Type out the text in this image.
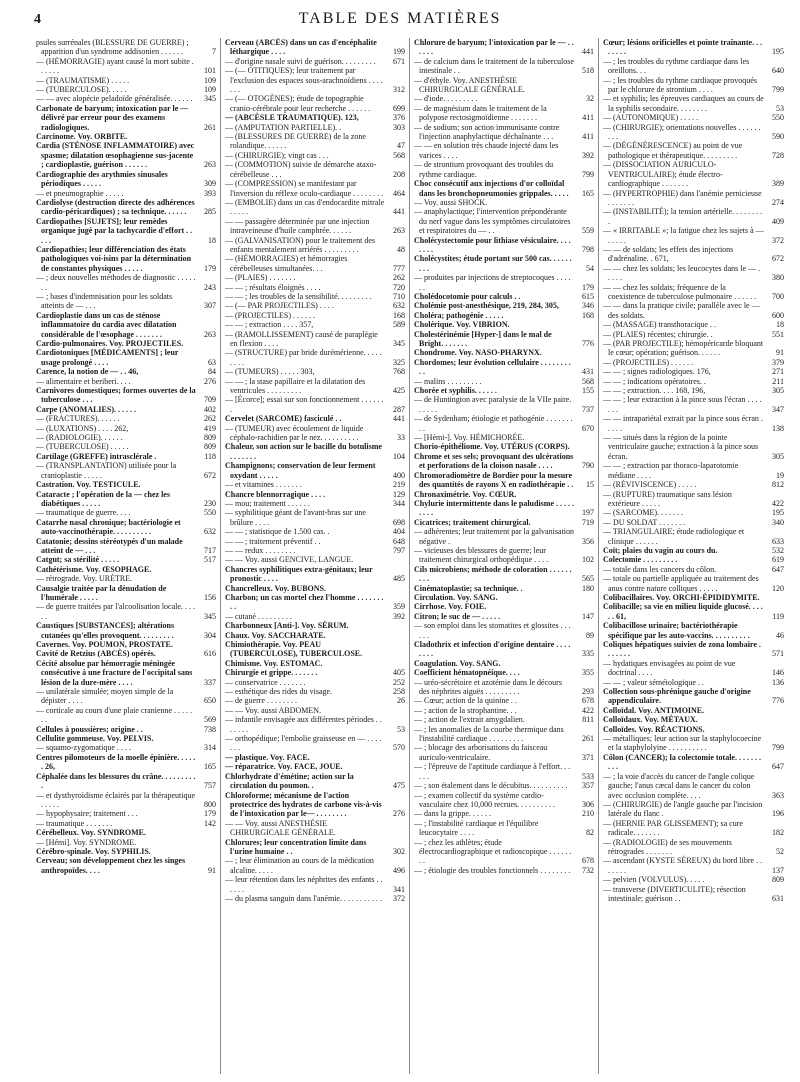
4	TABLE DES MATIÈRES
psules surrénales (BLESSURE DE GUERRE) ; apparition d'un syndrome addisonien . . . . . .	7
— (HÉMORRAGIE) ayant causé la mort subite . . . . . .	101
— (TRAUMATISME) . . . . .	109
— (TUBERCULOSE). . . . .	109
— — avec alopécie peladoïde généralisée. . . . . . 345
Carbonate de baryum; intoxication par le — délivré par erreur pour des examens radiologiques.	261
Carcinome. Voy. ORBITE.
Cardia (STÉNOSE INFLAMMATOIRE) avec spasme; dilatation œsophagienne sus-jacente ; cardioplastie, guérison . . . . . .	263
Cardiographie des arythmies sinusales périodiques . . . . .	309
— et pneumographie . . . . .	393
Cardiolyse (destruction directe des adhérences cardio-péricardiques) ; sa technique. . . . . . 285
Cardiopathes [SUJETS]; leur remèdes organique jugé par la tachycardie d'effort . . . . .	18
Cardiopathies; leur différenciation des états pathologiques voi-isins par la détermination de constantes physiques . . . . .	179
— ; deux nouvelles méthodes de diagnostic . . . . . . .	243
— ; bases d'indemnisation pour les soldats atteints de — . . .	307
Cardioplastie dans un cas de sténose inflammatoire du cardia avec dilatation considérable de l'œsophage . . . . . . .	263
Cardio-pulmonaires. Voy. PROJECTILES.
Cardiotoniques [MÉDICAMENTS] ; leur usage prolongé . . . .	63
Carence, la notion de — . . 46,	84
— alimentaire et beriberi. . . .	276
Carnivores domestiques; formes ouvertes de la tuberculose . . .	709
Carpe (ANOMALIES). . . . . .	402
— (FRACTURES). . . . . .	262
— (LUXATIONS) . . . . 262,	419
— (RADIOLOGIE). . . . . .	809
— (TUBERCULOSE) . . . . .	809
Cartilage (GREFFE) intrasclérale .	118
— (TRANSPLANTATION) utilisée pour la cranioplastie . . . . .	672
Castration. Voy. TESTICULE.
Cataracte ; l'opération de la — chez les diabétiques . . . . .	230
— traumatique de guerre. . . .	550
Catarrhe nasal chronique; bactériologie et auto-vaccinothérapie. . . . . . . . . .	632
Catatonie; dessins stéréotypés d'un malade atteint de — . . .	717
Catgut; sa stérilité . . . . .	517
Cathétérisme. Voy. ŒSOPHAGE.
— rétrograde. Voy. URÈTRE.
Causalgie traitée par la dénudation de l'humérale . . . . .	156
— de guerre traitées par l'alcoolisation locale. . . . . .	345
Caustiques [SUBSTANCES]; altérations cutanées qu'elles provoquent. . . . . . . . .	304
Cavernes. Voy. POUMON, PROSTATE.
Cavité de Retzius (ABCÈS) opérés.	616
Cécité absolue par hémorragie méningée consécutive à une fracture de l'occipital sans lésion de la dure-mère . . . .	337
— unilatérale simulée; moyen simple de la dépister . . . .	650
— corticale au cours d'une plaie cranienne . . . . . . .	569
Cellules à poussières; origine . .	738
Cellulite gommeuse. Voy. PELVIS.
— squamo-zygomatique . . . .	314
Centres pilomoteurs de la moelle épinière. . . . . . 26,	165
Céphalée dans les blessures du crâne. . . . . . . . . .	757
— et dysthyroïdisme éclairés par la thérapeutique . . . . .	800
— hypophysaire; traitement . . .	179
— traumatique . . . . . . .	142
Cérébelleux. Voy. SYNDROME.
— [Hémi]. Voy. SYNDROME.
Cérébro-spinale. Voy. SYPHILIS.
Cerveau; son développement chez les singes anthropoïdes. . . .	91
Cerveau (ABCÈS) dans un cas d'encéphalite léthargique . . . .	199
— d'origine nasale suivi de guérison. . . . . . . . . 671
— (— OTITIQUES); leur traitement par l'exclusion des espaces sous-arachnoïdiens . . . . . . .	312
— (— OTOGÈNES); étude de topographie cranio-cérébrale pour leur recherche . . . . . .	699
— (ABCÈSLE TRAUMATIQUE). 123,	376
— (AMPUTATION PARTIELLE). .	303
— (BLESSURES DE GUERRE) de la zone rolandique. . . . . .	47
— (CHIRURGIE); vingt cas . . .	568
— (COMMOTION) suivie de démarche ataxo-cérébelleuse . . .	208
— (COMPRESSION) se manifestant par l'inversion du réflexe oculo-cardiaque . . . . . . . . 464
— (EMBOLIE) dans un cas d'endocardite mitrale . . . . .	441
— — passagère déterminée par une injection intraveineuse d'huile camphrée. . . . . .	263
— (GALVANISATION) pour le traitement des enfants mentalement arriérés . . . . . . . . .	48
— (HÉMORRAGIES) et hémorragies cérébelleuses simultanées. . .	777
— (PLAIES) . . . . . . .	262
— — ; résultats éloignés . . . .	720
— — ; les troubles de la sensibilité. . . . . . . . .	710
— (— PAR PROJECTILES) . . . .	632
— (PROJECTILES) . . . . . .	168
— — ; extraction . . . . 357,	589
— (RAMOLLISSEMENT) causé de paraplégie en flexion . . . .	345
— (STRUCTURE) par bride durémérienne. . . . . . . . .	325
— (TUMEURS) . . . . . 303,	768
— — ; la stase papillaire et la dilatation des ventricules . . . . . . . . .	425
— [Écorce]; essai sur son fonctionnement . . . . . . .	287
Cervelet (SARCOME) fasciculé . .	441
— (TUMEUR) avec écoulement de liquide céphalo-rachidien par le nez. . . . . . . . . .	33
Chaleur, son action sur le bacille du botulisme . . . . . . .	104
Champignons; conservation de leur ferment oxydant . . . . .	400
— et vitamines . . . . . . .	219
Chancre blennorragique . . . .	129
— mou; traitement . . . . . .	344
— syphilitique géant de l'avant-bras sur une brûlure . . . .	698
— — ; statistique de 1.500 cas. .	404
— — ; traitement préventif . .	648
— — redux . . . . . . . .	797
— — Voy. aussi GENCIVE, LANGUE.
Chancres syphilitiques extra-génitaux; leur pronostic . . . .	485
Chancrelleux. Voy. BUBONS.
Charbon; un cas mortel chez l'homme . . . . . . . . .	359
— cutané . . . . . . . . .	392
Charbonneux [Anti-]. Voy. SÉRUM.
Chaux. Voy. SACCHARATE.
Chimiothérapie. Voy. PEAU (TUBERCULOSE), TUBERCULOSE.
Chimisme. Voy. ESTOMAC.
Chirurgie et grippe. . . . . . .	405
— conservatrice . . . . . . .	252
— esthétique des rides du visage.	258
— de guerre . . . . . . . .	26
— — Voy. aussi ABDOMEN.
— infantile envisagée aux différentes périodes . . . . . . .	53
— orthopédique; l'embolie graisseuse en — . . . . . . .	570
— plastique. Voy. FACE.
— réparatrice. Voy. FACE, JOUE.
Chlorhydrate d'émétine; action sur la circulation du poumon. .	475
Chloroforme; mécanisme de l'action protectrice des hydrates de carbone vis-à-vis de l'intoxication par le— . . . . . . . .	276
— — Voy. aussi ANESTHÉSIE CHIRURGICALE GÉNÉRALE.
Chlorures; leur concentration limite dans l'urine humaine . .	302
— ; leur élimination au cours de la médication alcaline. . . . .	496
— leur rétention dans les néphrites des enfants . . . . . .	341
— du plasma sanguin dans l'anémie. . . . . . . . . . . 372
Chlorure de baryum; l'intoxication par le — . . . . . .	441
— de calcium dans le traitement de la tuberculose intestinale . .	518
— d'éthyle. Voy. ANESTHÉSIE CHIRURGICALE GÉNÉRALE.
— d'iode. . . . . . . . .	32
— de magnésium dans le traitement de la polypose rectosigmoïdienne . . . . . . .	411
— de sodium; son action immunisante contre l'injection anaphylactique déchaînante . . .	411
— — en solution très chaude injecté dans les varices . . . .	392
— de strontium provoquant des troubles du rythme cardiaque.	799
Choc consécutif aux injections d'or colloïdal dans les bronchopneumonies grippales. . . . . 165
— Voy. aussi SHOCK.
— anaphylactique; l'intervention prépondérante du nerf vague dans les symptômes circulatoires et respiratoires du — . .	559
Cholécystectomie pour lithiase vésiculaire. . . . . . . .	798
Cholécystites; étude portant sur 500 cas. . . . . . . . .	54
— produites par injections de streptocoques . . . . . .	179
Cholédocotomie pour calculs . .	615
Cholémie post-anesthésique, 219, 284, 305,	346
Choléra; pathogénie . . . . .	168
Cholérique. Voy. VIBRION.
Cholestérinémie [Hyper-] dans le mal de Bright. . . . . . .	776
Chondrome. Voy. NASO-PHARYNX.
Chordomes; leur évolution cellulaire . . . . . . . . . .	431
— malins . . . . . . . . .	568
Chorée et syphilis. . . . . .	155
— de Huntington avec paralysie de la VIIe paire. . . . . .	737
— de Sydenham; étiologie et pathogénie . . . . . . . . .	670
— [Hémi-]. Voy. HÉMICHORÉE.
Chorio-épithéliome. Voy. UTÉRUS (CORPS).
Chrome et ses sels; provoquant des ulcérations et perforations de la cloison nasale . . . .	790
Chromoradiomètre de Bordier pour la mesure des quantités de rayons X en radiothérapie . . 15
Chronaximétrie. Voy. CŒUR.
Chylurie intermittente dans le paludisme . . . . . . . . .	197
Cicatrices; traitement chirurgical.	719
— adhérentes; leur traitement par la galvanisation négative .	356
— vicieuses des blessures de guerre; leur traitement chirurgical orthopédique . . . .	102
Cils microbiens; méthode de coloration . . . . . . . . .	565
Cinématoplastie; sa technique. .	180
Circulation. Voy. SANG.
Cirrhose. Voy. FOIE.
Citron; le suc de — . . . . .	147
— son emploi dans les stomatites et glossites . . . . . .	89
Cladothrix et infection d'origine dentaire . . . . . . . .	335
Coagulation. Voy. SANG.
Coefficient hématopnéique. . . .	355
— uréo-sécrétoire et azotémie dans le décours des néphrites aiguës . . . . . . . . .	293
— Cœur; action de la quinine . .	678
— ; action de la strophantine. . .	422
— ; action de l'extrait amygdalien.	811
— ; les anomalies de la courbe thermique dans l'instabilité cardiaque . . . . . . . . .	261
— ; blocage des arborisations du faisceau auriculo-ventriculaire.	371
— ; l'épreuve de l'aptitude cardiaque à l'effort. . . . . .	533
— ; son étalement dans le décubitus. . . . . . . . . . 357
— ; examen collectif du système cardio-vasculaire chez 10,000 recrues. . . . . . . . . .	306
— dans la grippe. . . . . .	210
— ; l'instabilité cardiaque et l'équilibre leucocytaire . . . .	82
— ; chez les athlètes; étude électrocardiographique et radioscopique . . . . . . . .	678
— ; étiologie des troubles fonctionnels . . . . . . . . 732
Cœur; lésions orificielles et pointe traînante. . . . . . . .	195
— ; les troubles du rythme cardiaque dans les oreillons. . .	640
— ; les troubles du rythme cardiaque provoqués par le chlorure de strontium . . . .	799
— et syphilis; les épreuves cardiaques au cours de la syphilis secondaire. . . . . . . .	53
— (AUTONOMIQUE) . . . . .	550
— (CHIRURGIE); orientations nouvelles . . . . . . . . .	590
— (DÉGÉNÉRESCENCE) au point de vue pathologique et thérapeutique. . . . . . . . .	728
— (DISSOCIATION AURICULO-VENTRICULAIRE); étude électro-cardiographique . . . . . . .	389
— (HYPERTROPHIE) dans l'anémie pernicieuse . . . . . . .	274
— (INSTABILITÉ); la tension artérielle. . . . . . . . .	409
— « IRRITABLE »; la fatigue chez les sujets à — . . . . .	372
— — de soldats; les effets des injections d'adrénaline. . 671,	672
— — chez les soldats; les leucocytes dans le — . . . . .	380
— — chez les soldats; fréquence de la coexistence de tuberculose pulmonaire . . . . . . 700
— — dans la pratique civile; parallèle avec le — des soldats.	600
— (MASSAGE) transthoracique . .	18
— (PLAIES) récentes; chirurgie. .	551
— (PAR PROJECTILE); hémopéricarde bloquant le cœur; opération; guérison. . . . . .	91
— (PROJECTILES) . . . . . .	379
— — ; signes radiologiques. 176,	271
— — ; indications opératoires. .	211
— — ; extraction. . . . 168, 196,	305
— — ; leur extraction à la pince sous l'écran . . . . . . .	347
— — intrapariétal extrait par la pince sous écran . . . . .	138
— — situés dans la région de la pointe ventriculaire gauche; extraction à la pince sous écran.	305
— — ; extraction par thoraco-laparotomie médiane . . . .	19
— (RÉVIVISCENCE) . . . . .	812
— (RUPTURE) traumatique sans lésion extérieure . . . . .	422
— (SARCOME). . . . . . .	195
— DU SOLDAT . . . . . . .	340
— TRIANGULAIRE; étude radiologique et clinique . . . . . .	633
Coït; plaies du vagin au cours du.	532
Colectomie . . . . . . . . .	619
— totale dans les cancers du côlon.	647
— totale ou partielle appliquée au traitement des anus contre nature colliques . . . . .	120
Colibacillaires. Voy. ORCHI-ÉPIDIDYMITE.
Colibacille; sa vie en milieu liquide glucosé. . . . . . 61,	119
Colibacillose urinaire; bactériothérapie spécifique par les auto-vaccins. . . . . . . . . .	46
Coliques hépatiques suivies de zona lombaire . . . . . . .	571
— hydatiques envisagées au point de vue doctrinal . . . .	146
— — ; valeur séméiologique . .	136
Collection sous-phrénique gauche d'origine appendiculaire.	776
Colloïdal. Voy. ANTIMOINE.
Colloïdaux. Voy. MÉTAUX.
Colloïdes. Voy. RÉACTIONS.
— métalliques; leur action sur la staphylocoecine et la staphylolyine . . . . . . . . . .	799
Côlon (CANCER); la colectomie totale. . . . . . . . . .	647
— ; la voie d'accès du cancer de l'angle colique gauche; l'anus cæcal dans le cancer du colon avec occlusion complète. . . .	363
— (CHIRURGIE) de l'angle gauche par l'incision latérale du flanc .	196
— (HERNIE PAR GLISSEMENT); sa cure radicale. . . . . . .	182
— (RADIOLOGIE) de ses mouvements rétrogrades . . . . . . .	52
— ascendant (KYSTE SÉREUX) du bord libre . . . . . . .	137
— pelvien (VOLVULUS). . . . .	809
— transverse (DIVERTICULITE); résection intestinale; guérison . .	631
